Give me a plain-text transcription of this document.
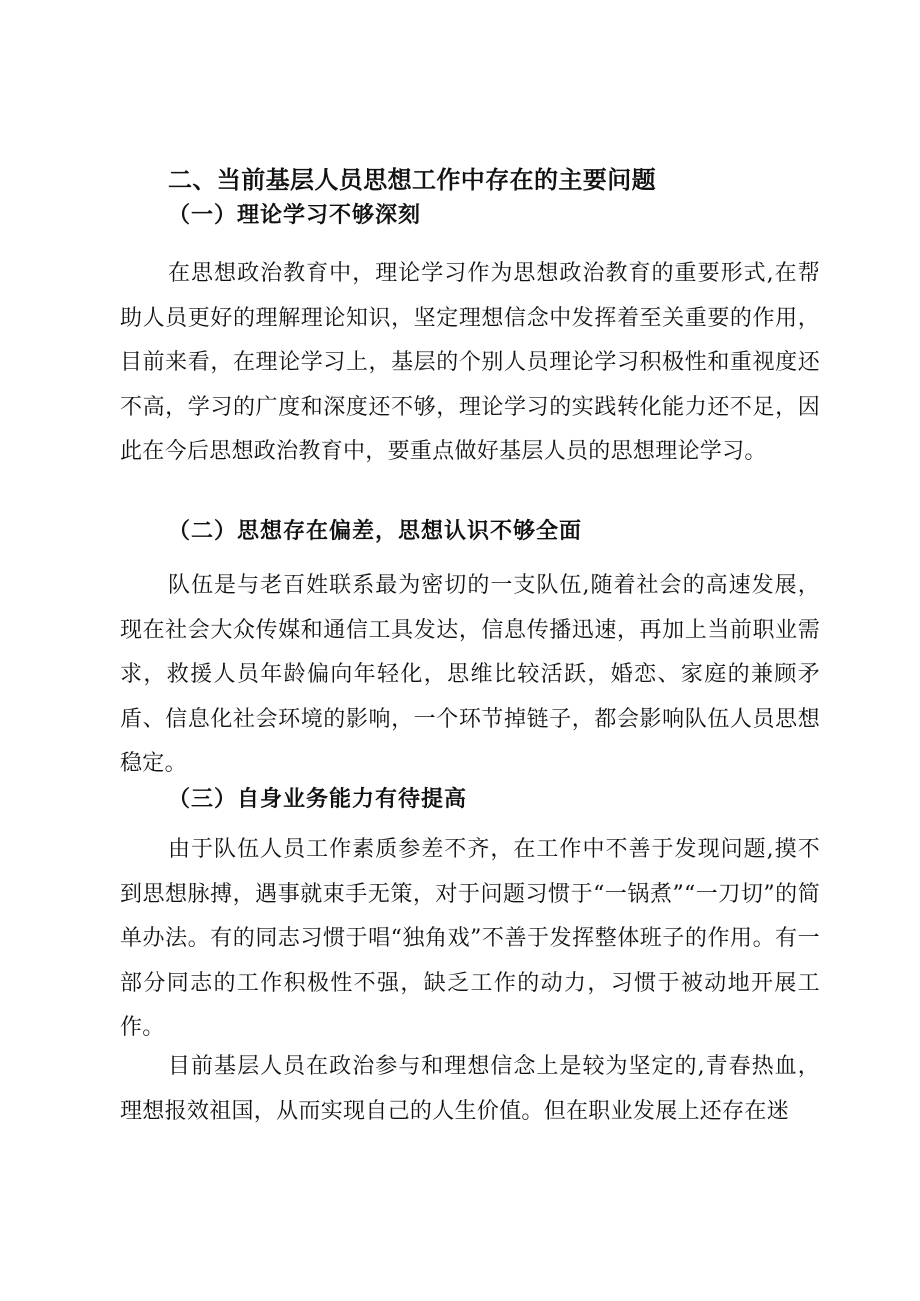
二、当前基层人员思想工作中存在的主要问题
（一）理论学习不够深刻
在思想政治教育中，理论学习作为思想政治教育的重要形式,在帮助人员更好的理解理论知识，坚定理想信念中发挥着至关重要的作用，目前来看，在理论学习上，基层的个别人员理论学习积极性和重视度还不高，学习的广度和深度还不够，理论学习的实践转化能力还不足，因此在今后思想政治教育中，要重点做好基层人员的思想理论学习。
（二）思想存在偏差，思想认识不够全面
队伍是与老百姓联系最为密切的一支队伍,随着社会的高速发展，现在社会大众传媒和通信工具发达，信息传播迅速，再加上当前职业需求，救援人员年龄偏向年轻化，思维比较活跃，婚恋、家庭的兼顾矛盾、信息化社会环境的影响，一个环节掉链子，都会影响队伍人员思想稳定。
（三）自身业务能力有待提高
由于队伍人员工作素质参差不齐，在工作中不善于发现问题,摸不到思想脉搏，遇事就束手无策，对于问题习惯于“一锅煮”“一刀切”的简单办法。有的同志习惯于唱“独角戏”不善于发挥整体班子的作用。有一部分同志的工作积极性不强，缺乏工作的动力，习惯于被动地开展工作。
目前基层人员在政治参与和理想信念上是较为坚定的,青春热血，理想报效祖国，从而实现自己的人生价值。但在职业发展上还存在迷
